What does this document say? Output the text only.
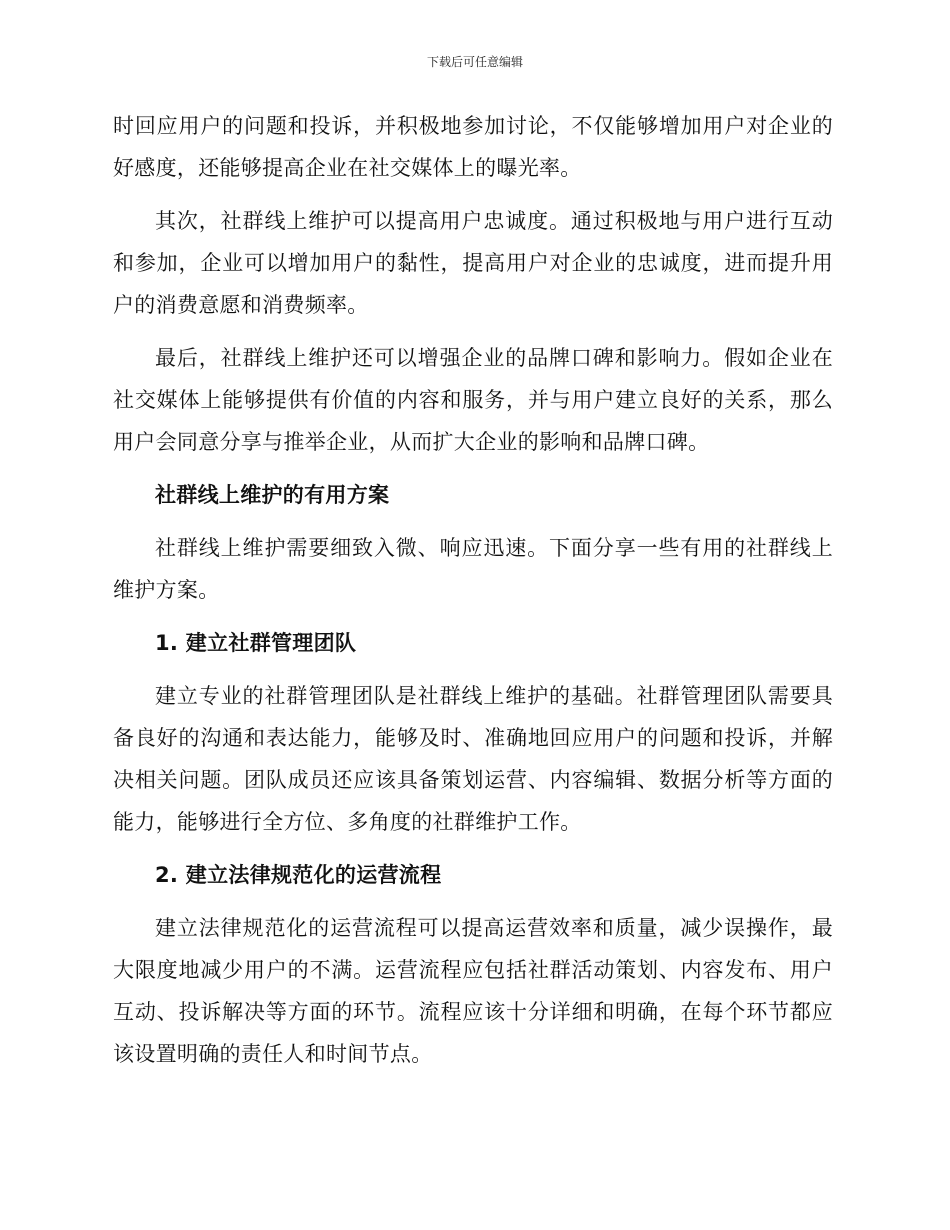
下载后可任意编辑

时回应用户的问题和投诉，并积极地参加讨论，不仅能够增加用户对企业的好感度，还能够提高企业在社交媒体上的曝光率。

其次，社群线上维护可以提高用户忠诚度。通过积极地与用户进行互动和参加，企业可以增加用户的黏性，提高用户对企业的忠诚度，进而提升用户的消费意愿和消费频率。

最后，社群线上维护还可以增强企业的品牌口碑和影响力。假如企业在社交媒体上能够提供有价值的内容和服务，并与用户建立良好的关系，那么用户会同意分享与推举企业，从而扩大企业的影响和品牌口碑。

社群线上维护的有用方案

社群线上维护需要细致入微、响应迅速。下面分享一些有用的社群线上维护方案。

1. 建立社群管理团队

建立专业的社群管理团队是社群线上维护的基础。社群管理团队需要具备良好的沟通和表达能力，能够及时、准确地回应用户的问题和投诉，并解决相关问题。团队成员还应该具备策划运营、内容编辑、数据分析等方面的能力，能够进行全方位、多角度的社群维护工作。

2. 建立法律规范化的运营流程

建立法律规范化的运营流程可以提高运营效率和质量，减少误操作，最大限度地减少用户的不满。运营流程应包括社群活动策划、内容发布、用户互动、投诉解决等方面的环节。流程应该十分详细和明确，在每个环节都应该设置明确的责任人和时间节点。
